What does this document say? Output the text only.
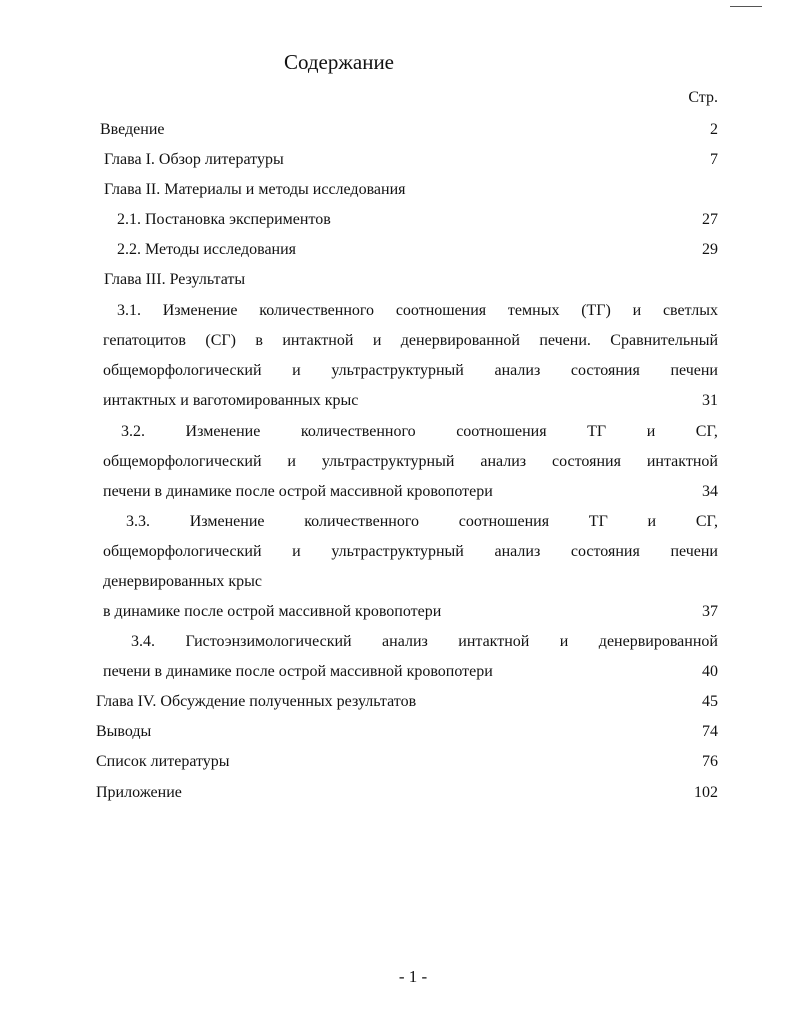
Содержание
Стр.
Введение	2
Глава I. Обзор литературы	7
Глава II. Материалы и методы исследования
2.1. Постановка экспериментов	27
2.2. Методы исследования	29
Глава III. Результаты
3.1. Изменение количественного соотношения темных (ТГ) и светлых
гепатоцитов (СГ) в интактной и денервированной печени. Сравнительный
общеморфологический и ультраструктурный анализ состояния печени
интактных и ваготомированных крыс	31
3.2.	Изменение	количественного	соотношения	ТГ	и	СГ,
общеморфологический и ультраструктурный анализ состояния интактной
печени в динамике после острой массивной кровопотери	34
3.3. Изменение количественного соотношения ТГ и СГ,
общеморфологический и ультраструктурный анализ состояния печени
денервированных крыс
в динамике после острой массивной кровопотери	37
3.4. Гистоэнзимологический анализ интактной и денервированной
печени в динамике после острой массивной кровопотери	40
Глава IV. Обсуждение полученных результатов	45
Выводы	74
Список литературы	76
Приложение	102
- 1 -
